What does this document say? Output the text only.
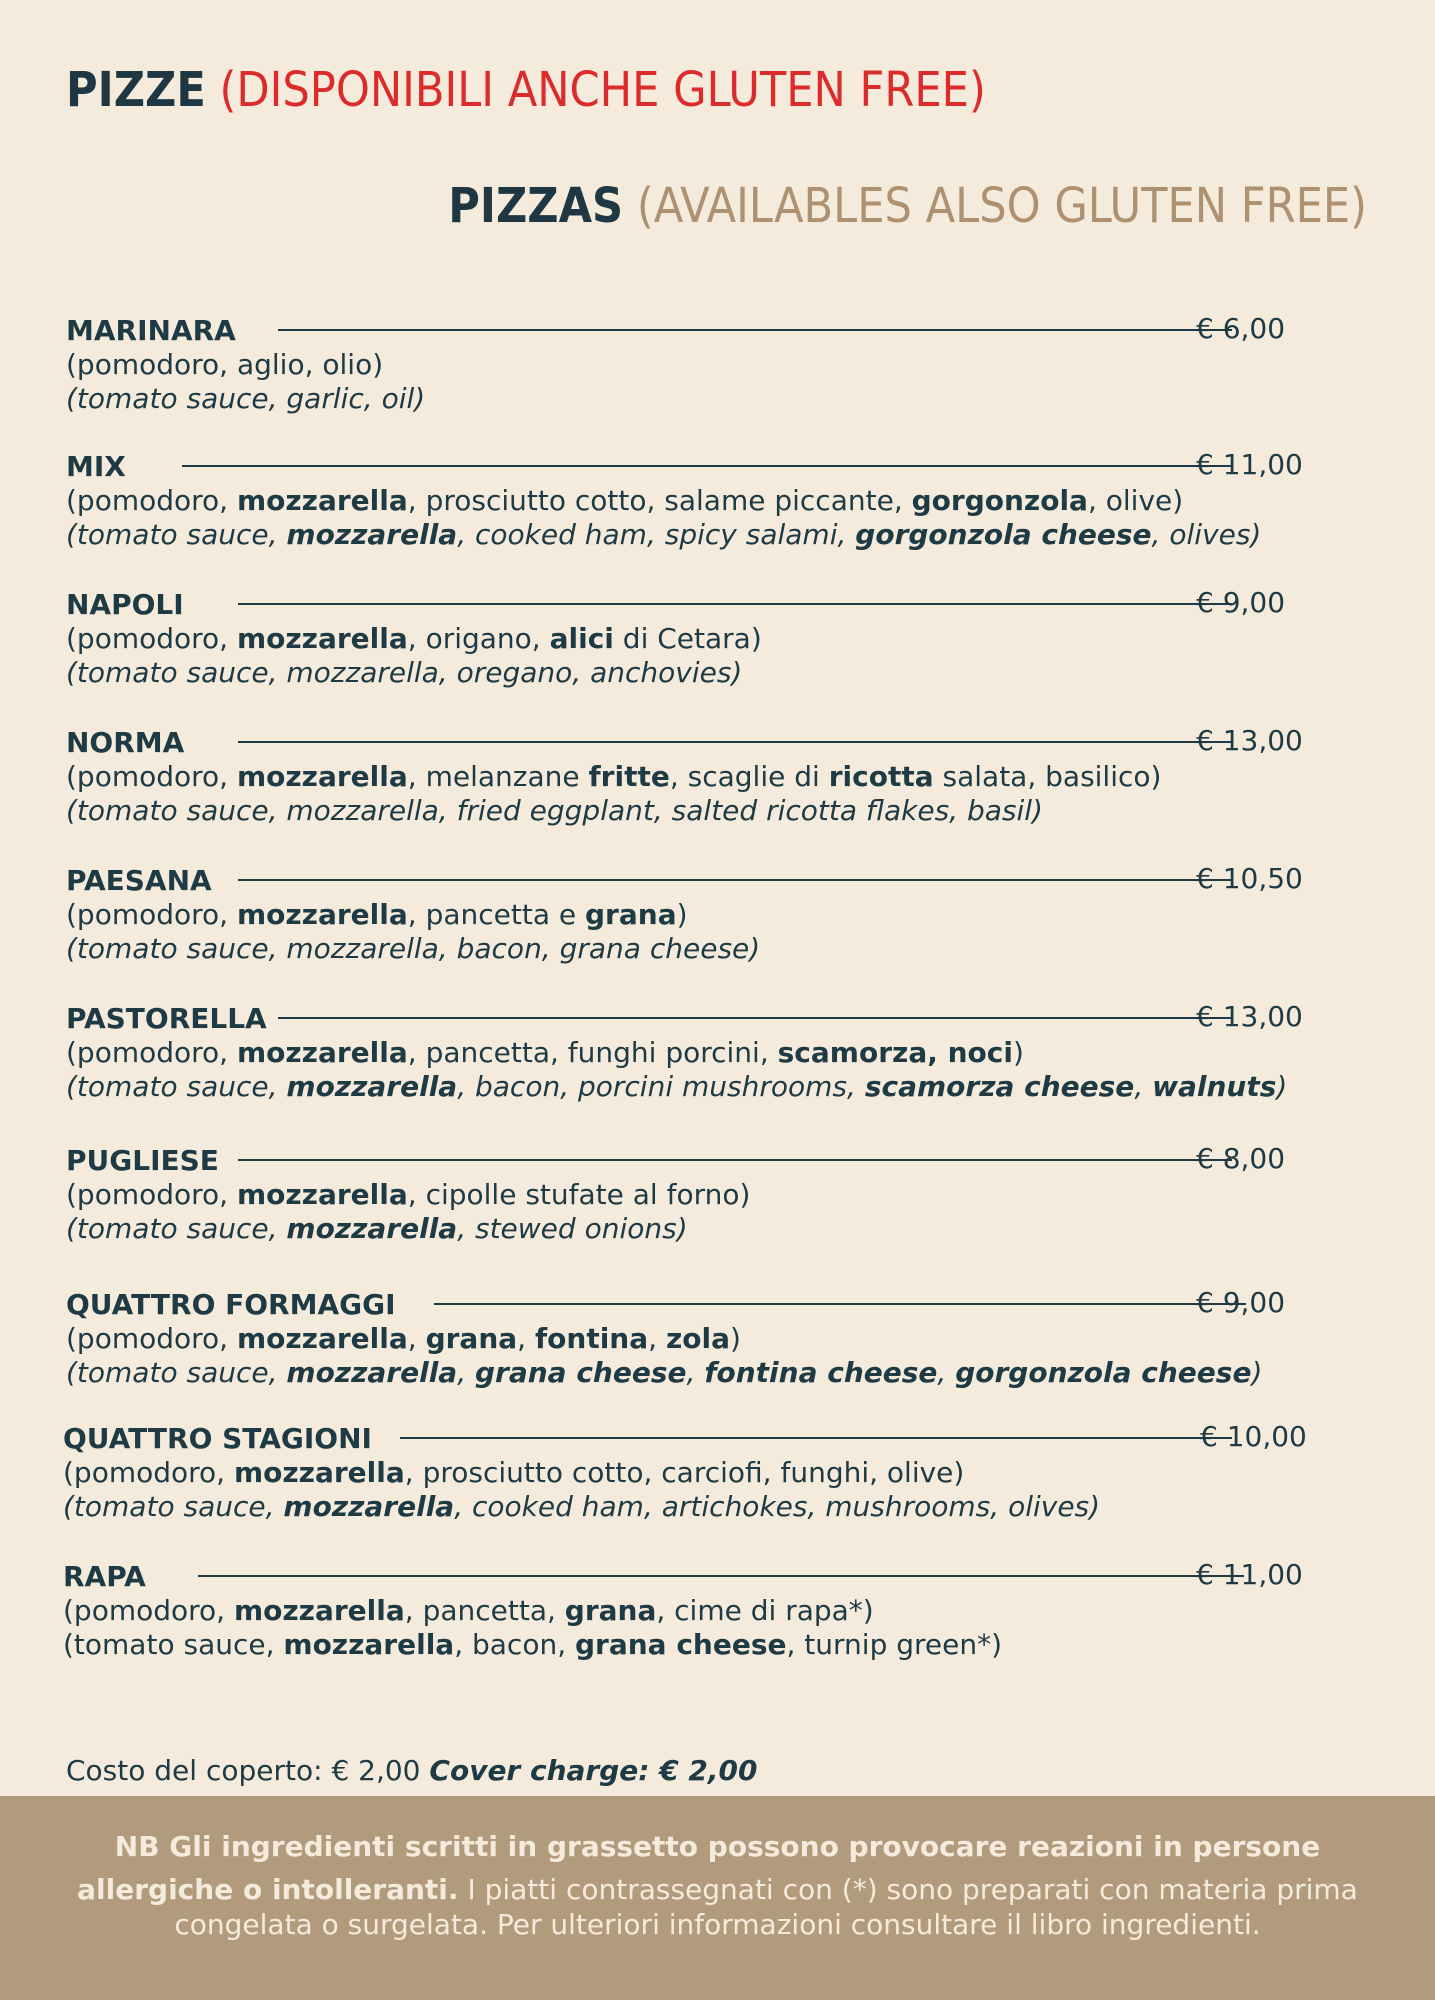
PIZZE (DISPONIBILI ANCHE GLUTEN FREE)
PIZZAS (AVAILABLES ALSO GLUTEN FREE)
MARINARA	€ 6,00
(pomodoro, aglio, olio)
(tomato sauce, garlic, oil)
MIX	€ 11,00
(pomodoro, mozzarella, prosciutto cotto, salame piccante, gorgonzola, olive)
(tomato sauce, mozzarella, cooked ham, spicy salami, gorgonzola cheese, olives)
NAPOLI	€ 9,00
(pomodoro, mozzarella, origano, alici di Cetara)
(tomato sauce, mozzarella, oregano, anchovies)
NORMA	€ 13,00
(pomodoro, mozzarella, melanzane fritte, scaglie di ricotta salata, basilico)
(tomato sauce, mozzarella, fried eggplant, salted ricotta flakes, basil)
PAESANA	€ 10,50
(pomodoro, mozzarella, pancetta e grana)
(tomato sauce, mozzarella, bacon, grana cheese)
PASTORELLA	€ 13,00
(pomodoro, mozzarella, pancetta, funghi porcini, scamorza, noci)
(tomato sauce, mozzarella, bacon, porcini mushrooms, scamorza cheese, walnuts)
PUGLIESE	€ 8,00
(pomodoro, mozzarella, cipolle stufate al forno)
(tomato sauce, mozzarella, stewed onions)
QUATTRO FORMAGGI	€ 9,00
(pomodoro, mozzarella, grana, fontina, zola)
(tomato sauce, mozzarella, grana cheese, fontina cheese, gorgonzola cheese)
QUATTRO STAGIONI	€ 10,00
(pomodoro, mozzarella, prosciutto cotto, carciofi, funghi, olive)
(tomato sauce, mozzarella, cooked ham, artichokes, mushrooms, olives)
RAPA	€ 11,00
(pomodoro, mozzarella, pancetta, grana, cime di rapa*)
(tomato sauce, mozzarella, bacon, grana cheese, turnip green*)
Costo del coperto: € 2,00 Cover charge: € 2,00
NB Gli ingredienti scritti in grassetto possono provocare reazioni in persone
allergiche o intolleranti. I piatti contrassegnati con (*) sono preparati con materia prima
congelata o surgelata. Per ulteriori informazioni consultare il libro ingredienti.
